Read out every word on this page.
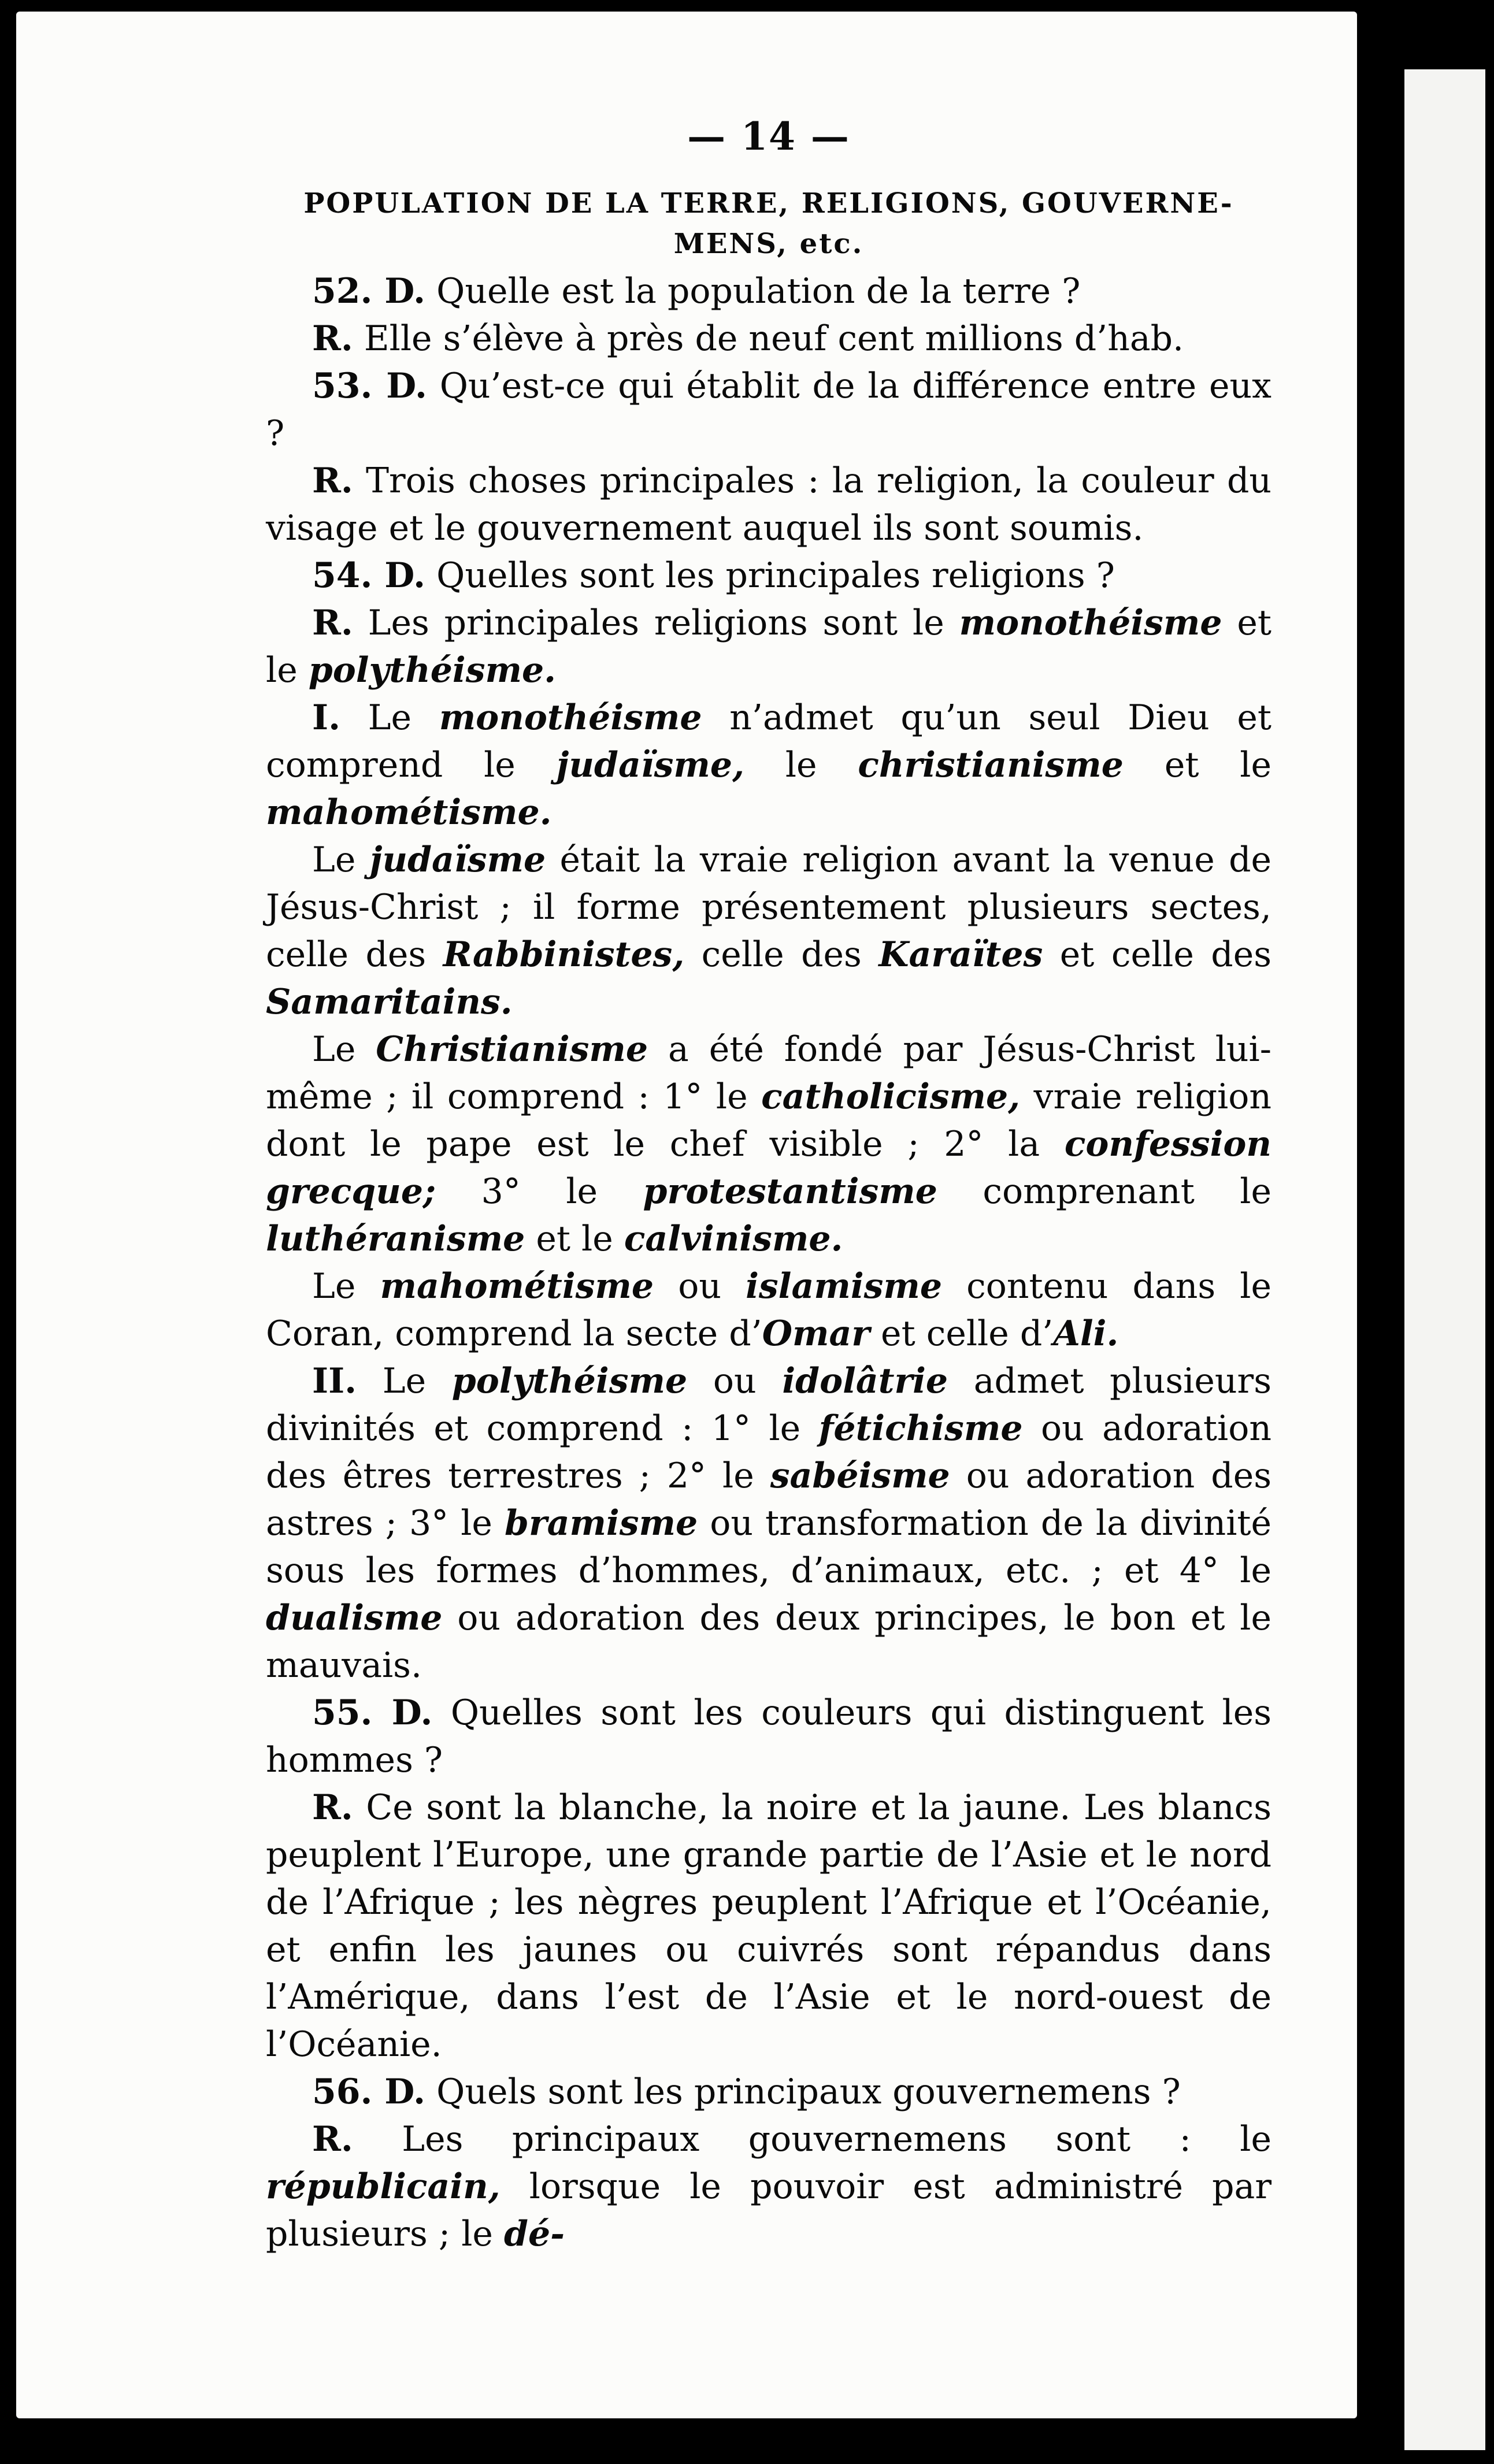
— 14 —
POPULATION DE LA TERRE, RELIGIONS, GOUVERNE-
MENS, etc.

52. D. Quelle est la population de la terre ?

R. Elle s’élève à près de neuf cent millions d’hab.

53. D. Qu’est-ce qui établit de la différence entre eux ?

R. Trois choses principales : la religion, la couleur du visage et le gouvernement auquel ils sont soumis.

54. D. Quelles sont les principales religions ?

R. Les principales religions sont le monothéisme et le polythéisme.

I. Le monothéisme n’admet qu’un seul Dieu et comprend le judaïsme, le christianisme et le mahométisme.

Le judaïsme était la vraie religion avant la venue de Jésus-Christ ; il forme présentement plusieurs sectes, celle des Rabbinistes, celle des Karaïtes et celle des Samaritains.

Le Christianisme a été fondé par Jésus-Christ lui-même ; il comprend : 1° le catholicisme, vraie religion dont le pape est le chef visible ; 2° la confession grecque; 3° le protestantisme comprenant le luthéranisme et le calvinisme.

Le mahométisme ou islamisme contenu dans le Coran, comprend la secte d’Omar et celle d’Ali.

II. Le polythéisme ou idolâtrie admet plusieurs divinités et comprend : 1° le fétichisme ou adoration des êtres terrestres ; 2° le sabéisme ou adoration des astres ; 3° le bramisme ou transformation de la divinité sous les formes d’hommes, d’animaux, etc. ; et 4° le dualisme ou adoration des deux principes, le bon et le mauvais.

55. D. Quelles sont les couleurs qui distinguent les hommes ?

R. Ce sont la blanche, la noire et la jaune. Les blancs peuplent l’Europe, une grande partie de l’Asie et le nord de l’Afrique ; les nègres peuplent l’Afrique et l’Océanie, et enfin les jaunes ou cuivrés sont répandus dans l’Amérique, dans l’est de l’Asie et le nord-ouest de l’Océanie.

56. D. Quels sont les principaux gouvernemens ?

R. Les principaux gouvernemens sont : le républicain, lorsque le pouvoir est administré par plusieurs ; le dé-
